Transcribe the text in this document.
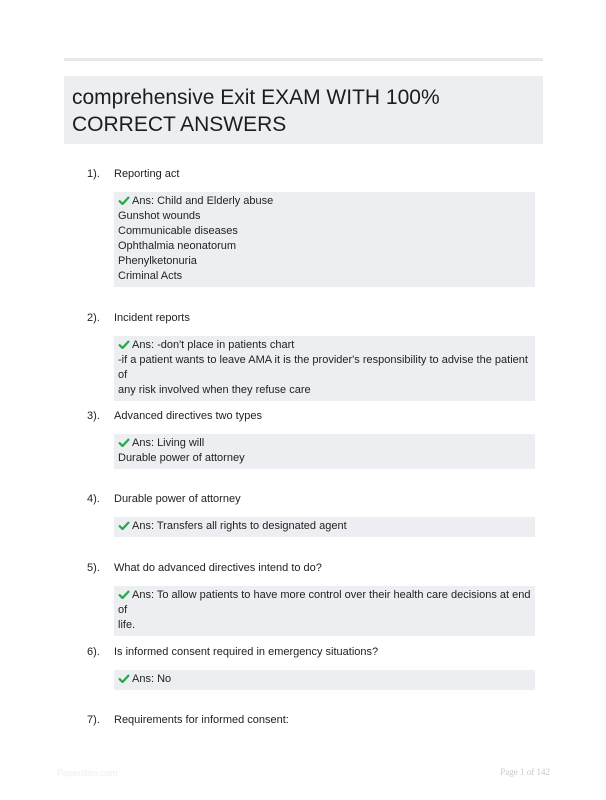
comprehensive Exit EXAM WITH 100% CORRECT ANSWERS
1). Reporting act
Ans: Child and Elderly abuse
Gunshot wounds
Communicable diseases
Ophthalmia neonatorum
Phenylketonuria
Criminal Acts
2). Incident reports
Ans: -don't place in patients chart
-if a patient wants to leave AMA it is the provider's responsibility to advise the patient of
any risk involved when they refuse care
3). Advanced directives two types
Ans: Living will
Durable power of attorney
4). Durable power of attorney
Ans: Transfers all rights to designated agent
5). What do advanced directives intend to do?
Ans: To allow patients to have more control over their health care decisions at end of
life.
6). Is informed consent required in emergency situations?
Ans: No
7). Requirements for informed consent:
Paperlibro.com	Page 1 of 142
